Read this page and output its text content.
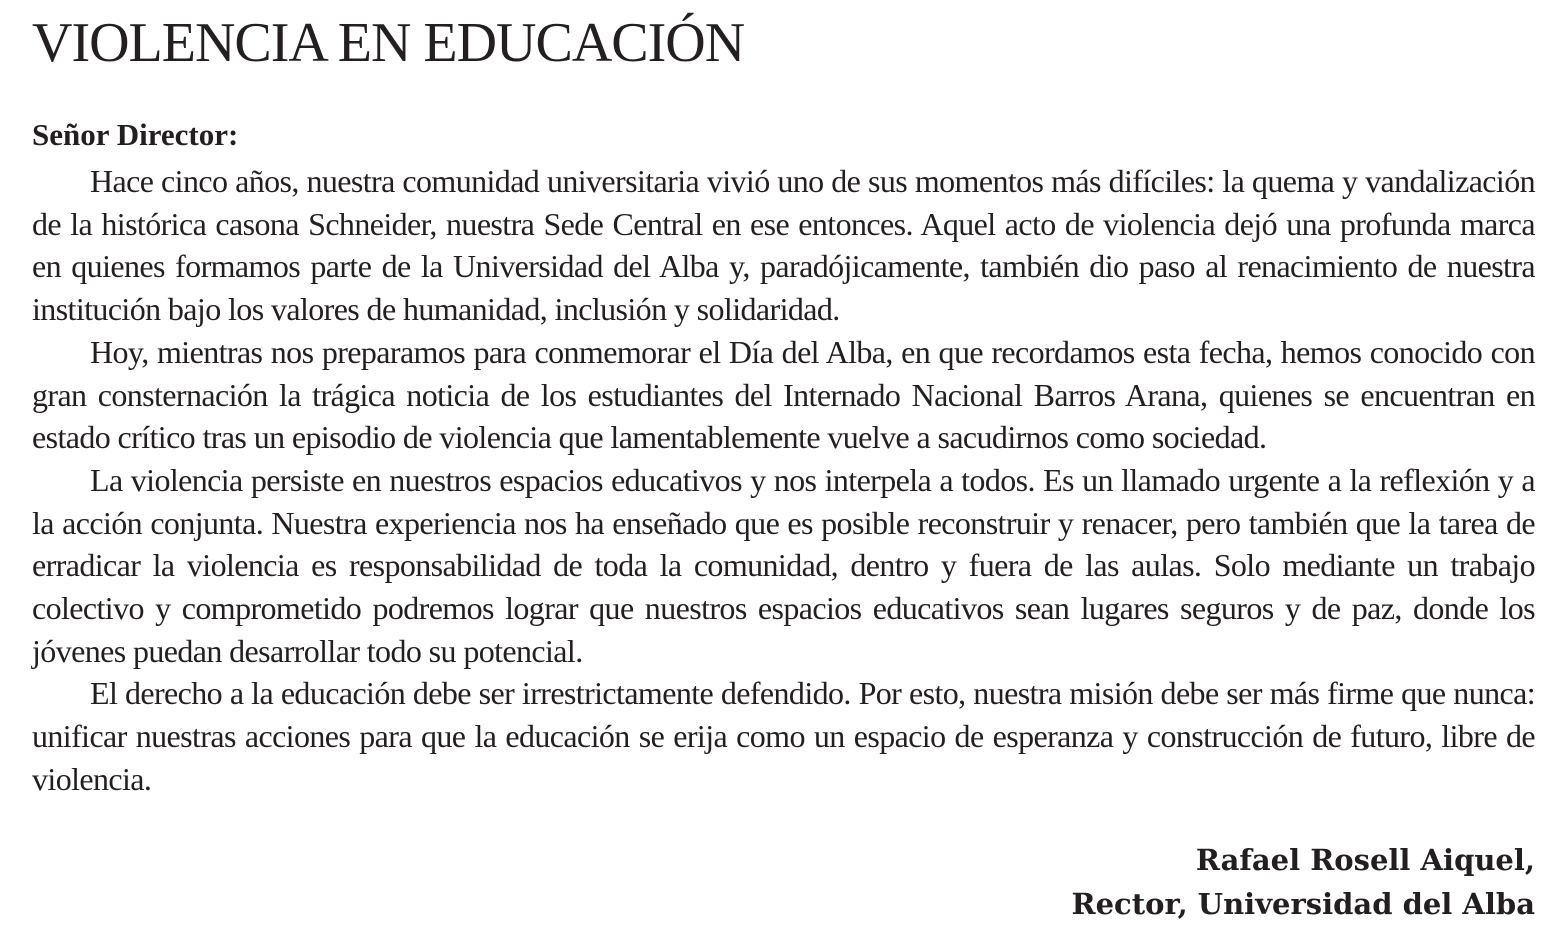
VIOLENCIA EN EDUCACIÓN

Señor Director:

Hace cinco años, nuestra comunidad universitaria vivió uno de sus momentos más difíciles: la quema y vandalización de la histórica casona Schneider, nuestra Sede Central en ese entonces. Aquel acto de violencia dejó una profunda marca en quienes formamos parte de la Universidad del Alba y, paradójicamente, también dio paso al renacimiento de nuestra institución bajo los valores de humanidad, inclusión y solidaridad.

Hoy, mientras nos preparamos para conmemorar el Día del Alba, en que recordamos esta fecha, hemos conocido con gran consternación la trágica noticia de los estudiantes del Internado Nacional Barros Arana, quienes se encuentran en estado crítico tras un episodio de violencia que lamentablemente vuelve a sacudirnos como sociedad.

La violencia persiste en nuestros espacios educativos y nos interpela a todos. Es un llamado urgente a la reflexión y a la acción conjunta. Nuestra experiencia nos ha enseñado que es posible reconstruir y renacer, pero también que la tarea de erradicar la violencia es responsabilidad de toda la comunidad, dentro y fuera de las aulas. Solo mediante un trabajo colectivo y comprometido podremos lograr que nuestros espacios educativos sean lugares seguros y de paz, donde los jóvenes puedan desarrollar todo su potencial.

El derecho a la educación debe ser irrestrictamente defendido. Por esto, nuestra misión debe ser más firme que nunca: unificar nuestras acciones para que la educación se erija como un espacio de esperanza y construcción de futuro, libre de violencia.

Rafael Rosell Aiquel,
Rector, Universidad del Alba
